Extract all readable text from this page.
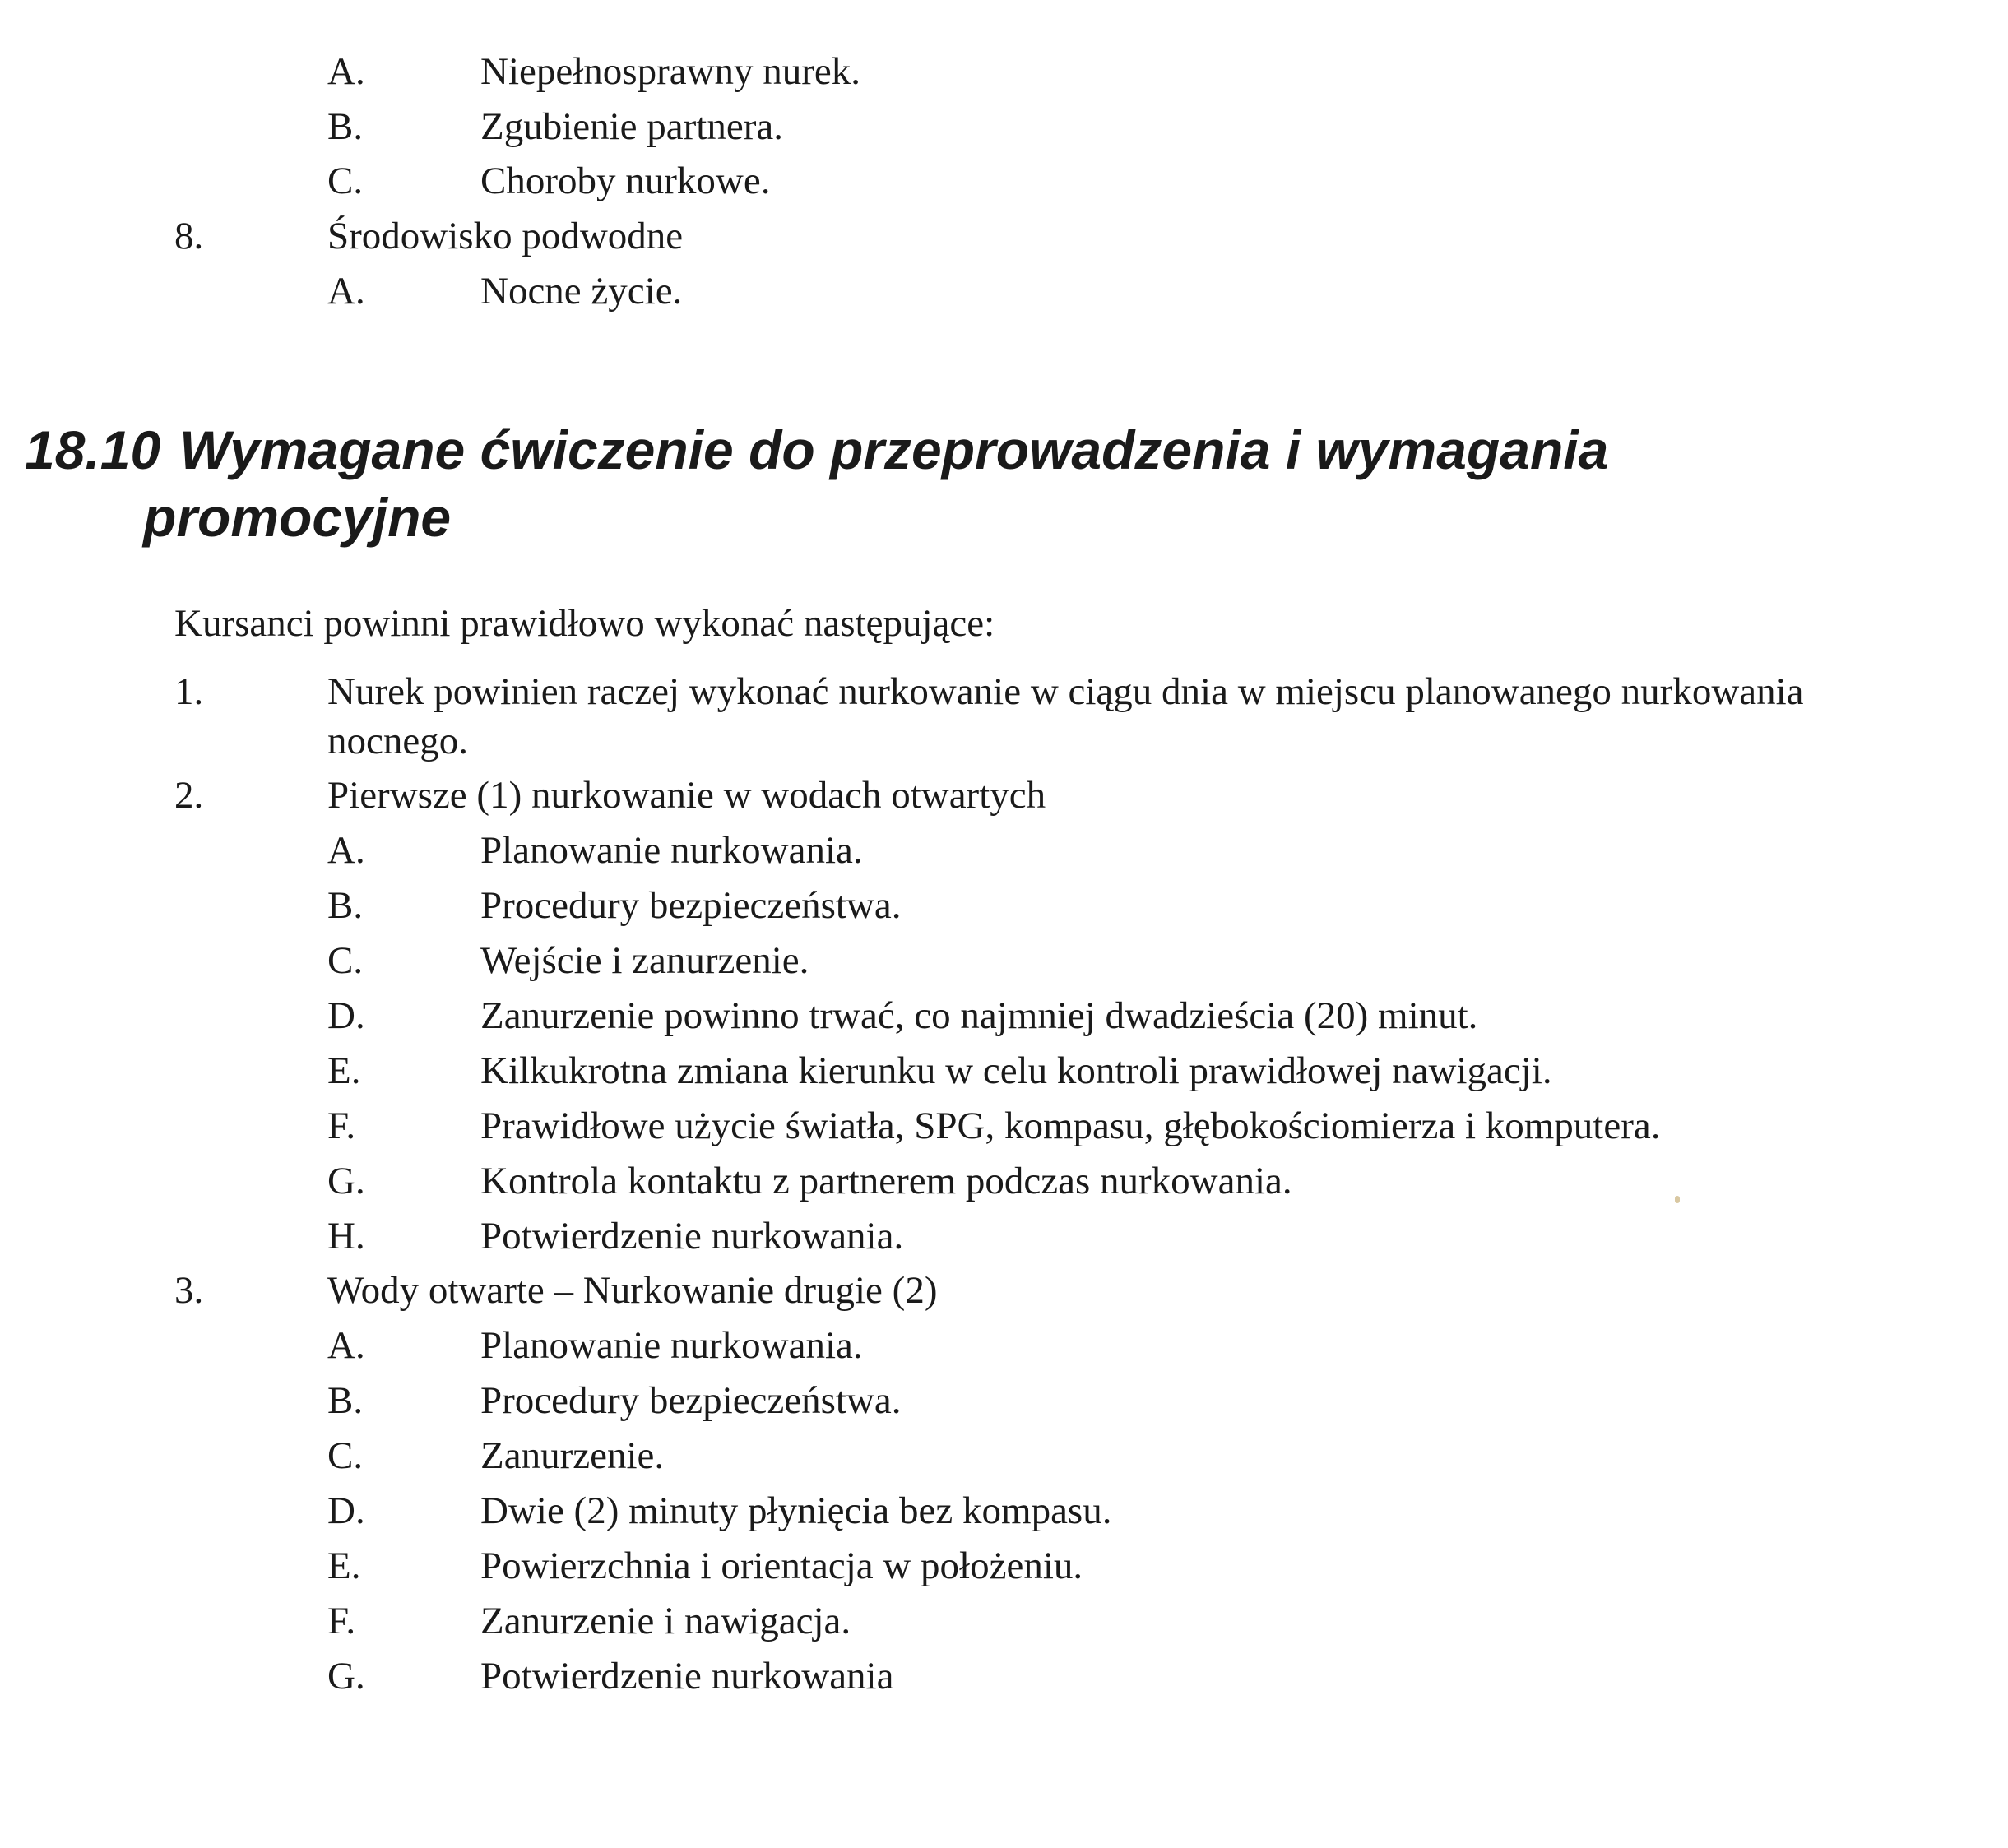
A.	Niepełnosprawny nurek.
B.	Zgubienie partnera.
C.	Choroby nurkowe.
8.	Środowisko podwodne
A.	Nocne życie.
18.10 Wymagane ćwiczenie do przeprowadzenia i wymagania
promocyjne
Kursanci powinni prawidłowo wykonać następujące:
1.	Nurek powinien raczej wykonać nurkowanie w ciągu dnia w miejscu planowanego nurkowania
nocnego.
2.	Pierwsze (1) nurkowanie w wodach otwartych
A.	Planowanie nurkowania.
B.	Procedury bezpieczeństwa.
C.	Wejście i zanurzenie.
D.	Zanurzenie powinno trwać, co najmniej dwadzieścia (20) minut.
E.	Kilkukrotna zmiana kierunku w celu kontroli prawidłowej nawigacji.
F.	Prawidłowe użycie światła, SPG, kompasu, głębokościomierza i komputera.
G.	Kontrola kontaktu z partnerem podczas nurkowania.
H.	Potwierdzenie nurkowania.
3.	Wody otwarte – Nurkowanie drugie (2)
A.	Planowanie nurkowania.
B.	Procedury bezpieczeństwa.
C.	Zanurzenie.
D.	Dwie (2) minuty płynięcia bez kompasu.
E.	Powierzchnia i orientacja w położeniu.
F.	Zanurzenie i nawigacja.
G.	Potwierdzenie nurkowania
